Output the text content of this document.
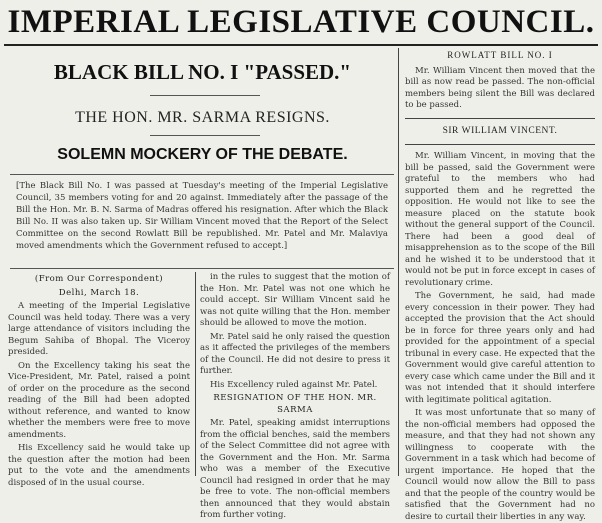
IMPERIAL LEGISLATIVE COUNCIL.
BLACK BILL NO. I "PASSED."
THE HON. MR. SARMA RESIGNS.
SOLEMN MOCKERY OF THE DEBATE.
[The Black Bill No. I was passed at Tuesday's meeting of the Imperial Legislative Council, 35 members voting for and 20 against. Immediately after the passage of the Bill the Hon. Mr. B. N. Sarma of Madras offered his resignation. After which the Black Bill No. II was also taken up. Sir William Vincent moved that the Report of the Select Committee on the second Rowlatt Bill be republished. Mr. Patel and Mr. Malaviya moved amendments which the Government refused to accept.]
(From Our Correspondent)
Delhi, March 18.

A meeting of the Imperial Legislative Council was held today. There was a very large attendance of visitors including the Begum Sahiba of Bhopal. The Viceroy presided.

On the Excellency taking his seat the Vice-President, Mr. Patel, raised a point of order on the procedure as the second reading of the Bill had been adopted without reference, and wanted to know whether the members were free to move amendments.

His Excellency said he would take up the question after the motion had been put to the vote and the amendments disposed of in the usual course.

in the rules to suggest that the motion of the Hon. Mr. Patel was not one which he could accept. Sir William Vincent said he was not quite willing that the Hon. member should be allowed to move the motion.

Mr. Patel said he only raised the question as it affected the privileges of the members of the Council. He did not desire to press it further.

His Excellency ruled against Mr. Patel.

RESIGNATION OF THE HON. MR. SARMA

Mr. Patel, speaking amidst interruptions from the official benches, said the members of the Select Committee did not agree with the Government and the Hon. Mr. Sarma who was a member of the Executive Council had resigned in order that he may be free to vote. The non-official members then announced that they would abstain from further voting.

ROWLATT BILL NO. I

Mr. William Vincent then moved that the bill as now read be passed. The non-official members being silent the Bill was declared to be passed.

SIR WILLIAM VINCENT.

Mr. William Vincent, in moving that the bill be passed, said the Government were grateful to the members who had supported them and he regretted the opposition. He would not like to see the measure placed on the statute book without the general support of the Council. There had been a good deal of misapprehension as to the scope of the Bill and he wished it to be understood that it would not be put in force except in cases of revolutionary crime.

The Government, he said, had made every concession in their power. They had accepted the provision that the Act should be in force for three years only and had provided for the appointment of a special tribunal in every case. He expected that the Government would give careful attention to every case which came under the Bill and it was not intended that it should interfere with legitimate political agitation.

It was most unfortunate that so many of the non-official members had opposed the measure, and that they had not shown any willingness to cooperate with the Government in a task which had become of urgent importance. He hoped that the Council would now allow the Bill to pass and that the people of the country would be satisfied that the Government had no desire to curtail their liberties in any way.
